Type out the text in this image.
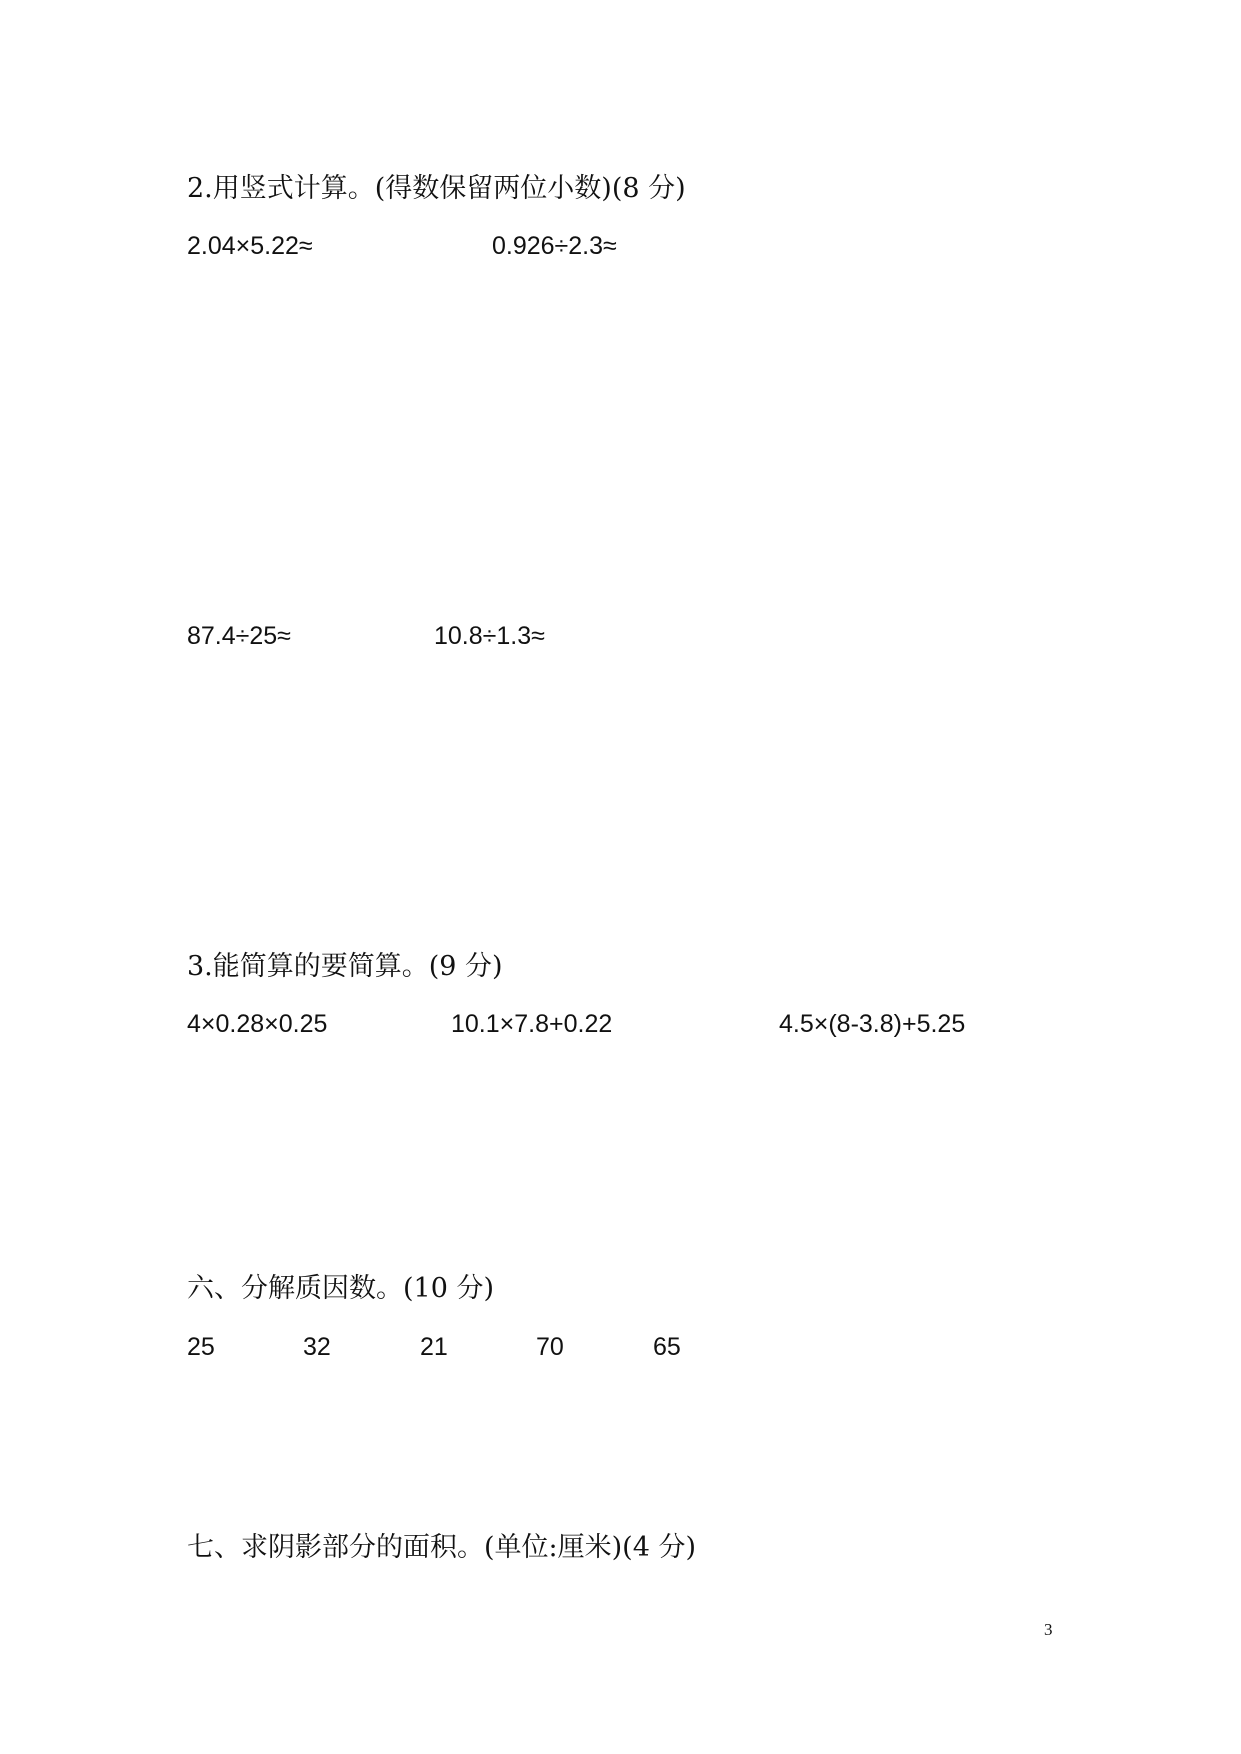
2.用竖式计算。(得数保留两位小数)(8 分)
2.04×5.22≈	0.926÷2.3≈
87.4÷25≈	10.8÷1.3≈
3.能简算的要简算。(9 分)
4×0.28×0.25	10.1×7.8+0.22	4.5×(8-3.8)+5.25
六、分解质因数。(10 分)
25	32	21	70	65
七、求阴影部分的面积。(单位:厘米)(4 分)
3
